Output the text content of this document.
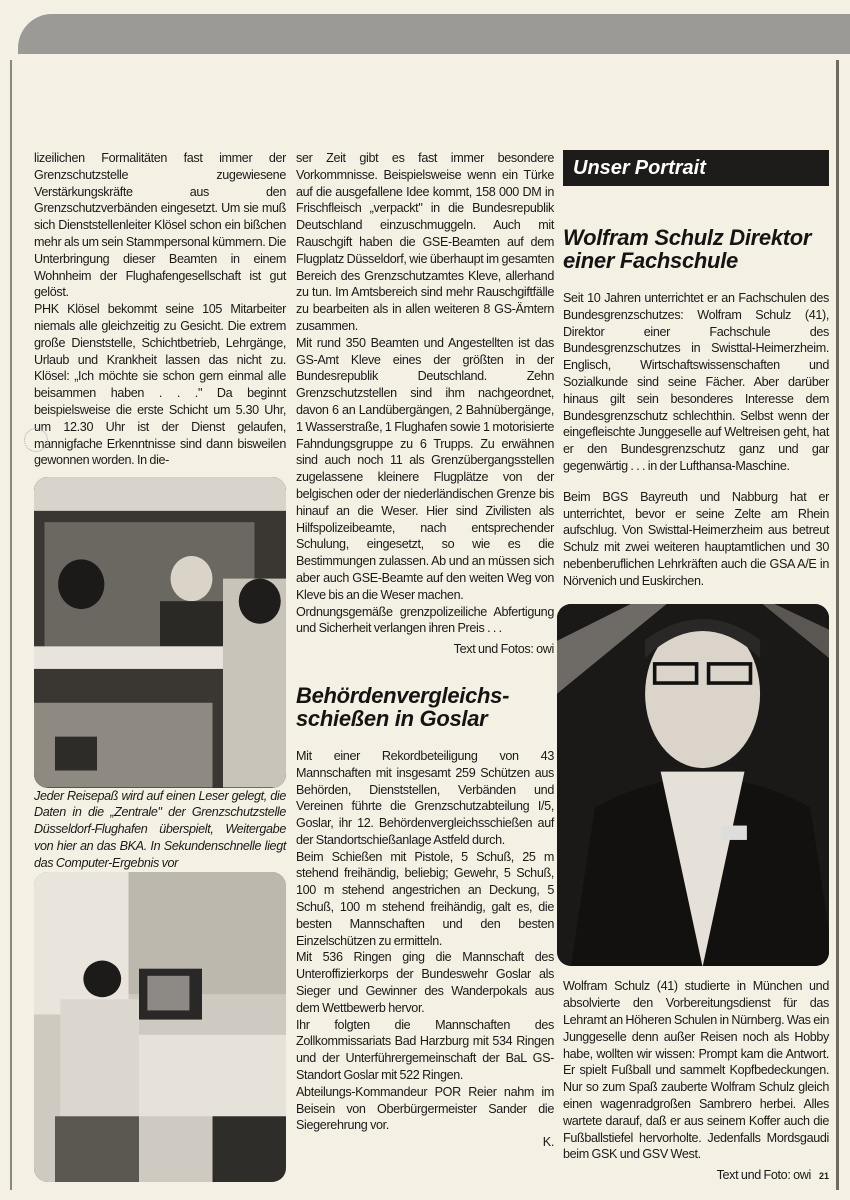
lizeilichen Formalitäten fast immer der Grenzschutzstelle zugewiesene Verstärkungskräfte aus den Grenzschutzverbänden eingesetzt. Um sie muß sich Dienststellenleiter Klösel schon ein bißchen mehr als um sein Stammpersonal kümmern. Die Unterbringung dieser Beamten in einem Wohnheim der Flughafengesellschaft ist gut gelöst.

PHK Klösel bekommt seine 105 Mitarbeiter niemals alle gleichzeitig zu Gesicht. Die extrem große Dienststelle, Schichtbetrieb, Lehrgänge, Urlaub und Krankheit lassen das nicht zu. Klösel: „Ich möchte sie schon gern einmal alle beisammen haben . . ." Da beginnt beispielsweise die erste Schicht um 5.30 Uhr, um 12.30 Uhr ist der Dienst gelaufen, mannigfache Erkenntnisse sind dann bisweilen gewonnen worden. In die-

Jeder Reisepaß wird auf einen Leser gelegt, die Daten in die „Zentrale" der Grenzschutzstelle Düsseldorf-Flughafen überspielt, Weitergabe von hier an das BKA. In Sekundenschnelle liegt das Computer-Ergebnis vor

ser Zeit gibt es fast immer besondere Vorkommnisse. Beispielsweise wenn ein Türke auf die ausgefallene Idee kommt, 158 000 DM in Frischfleisch „verpackt" in die Bundesrepublik Deutschland einzuschmuggeln. Auch mit Rauschgift haben die GSE-Beamten auf dem Flugplatz Düsseldorf, wie überhaupt im gesamten Bereich des Grenzschutzamtes Kleve, allerhand zu tun. Im Amtsbereich sind mehr Rauschgiftfälle zu bearbeiten als in allen weiteren 8 GS-Ämtern zusammen.

Mit rund 350 Beamten und Angestellten ist das GS-Amt Kleve eines der größten in der Bundesrepublik Deutschland. Zehn Grenzschutzstellen sind ihm nachgeordnet, davon 6 an Landübergängen, 2 Bahnübergänge, 1 Wasserstraße, 1 Flughafen sowie 1 motorisierte Fahndungsgruppe zu 6 Trupps. Zu erwähnen sind auch noch 11 als Grenzübergangsstellen zugelassene kleinere Flugplätze von der belgischen oder der niederländischen Grenze bis hinauf an die Weser. Hier sind Zivilisten als Hilfspolizeibeamte, nach entsprechender Schulung, eingesetzt, so wie es die Bestimmungen zulassen. Ab und an müssen sich aber auch GSE-Beamte auf den weiten Weg von Kleve bis an die Weser machen.

Ordnungsgemäße grenzpolizeiliche Abfertigung und Sicherheit verlangen ihren Preis . . .

Text und Fotos: owi

Behördenvergleichsschießen in Goslar

Mit einer Rekordbeteiligung von 43 Mannschaften mit insgesamt 259 Schützen aus Behörden, Dienststellen, Verbänden und Vereinen führte die Grenzschutzabteilung I/5, Goslar, ihr 12. Behördenvergleichsschießen auf der Standortschießanlage Astfeld durch.

Beim Schießen mit Pistole, 5 Schuß, 25 m stehend freihändig, beliebig; Gewehr, 5 Schuß, 100 m stehend angestrichen an Deckung, 5 Schuß, 100 m stehend freihändig, galt es, die besten Mannschaften und den besten Einzelschützen zu ermitteln.

Mit 536 Ringen ging die Mannschaft des Unteroffizierkorps der Bundeswehr Goslar als Sieger und Gewinner des Wanderpokals aus dem Wettbewerb hervor.

Ihr folgten die Mannschaften des Zollkommissariats Bad Harzburg mit 534 Ringen und der Unterführergemeinschaft der BaL GS-Standort Goslar mit 522 Ringen.

Abteilungs-Kommandeur POR Reier nahm im Beisein von Oberbürgermeister Sander die Siegerehrung vor.

K.

Unser Portrait
Wolfram Schulz Direktor einer Fachschule

Seit 10 Jahren unterrichtet er an Fachschulen des Bundesgrenzschutzes: Wolfram Schulz (41), Direktor einer Fachschule des Bundesgrenzschutzes in Swisttal-Heimerzheim. Englisch, Wirtschaftswissenschaften und Sozialkunde sind seine Fächer. Aber darüber hinaus gilt sein besonderes Interesse dem Bundesgrenzschutz schlechthin. Selbst wenn der eingefleischte Junggeselle auf Weltreisen geht, hat er den Bundesgrenzschutz ganz und gar gegenwärtig . . . in der Lufthansa-Maschine.

Beim BGS Bayreuth und Nabburg hat er unterrichtet, bevor er seine Zelte am Rhein aufschlug. Von Swisttal-Heimerzheim aus betreut Schulz mit zwei weiteren hauptamtlichen und 30 nebenberuflichen Lehrkräften auch die GSA A/E in Nörvenich und Euskirchen.

Wolfram Schulz (41) studierte in München und absolvierte den Vorbereitungsdienst für das Lehramt an Höheren Schulen in Nürnberg. Was ein Junggeselle denn außer Reisen noch als Hobby habe, wollten wir wissen: Prompt kam die Antwort. Er spielt Fußball und sammelt Kopfbedeckungen. Nur so zum Spaß zauberte Wolfram Schulz gleich einen wagenradgroßen Sambrero herbei. Alles wartete darauf, daß er aus seinem Koffer auch die Fußballstiefel hervorholte. Jedenfalls Mordsgaudi beim GSK und GSV West.

Text und Foto: owi 21
